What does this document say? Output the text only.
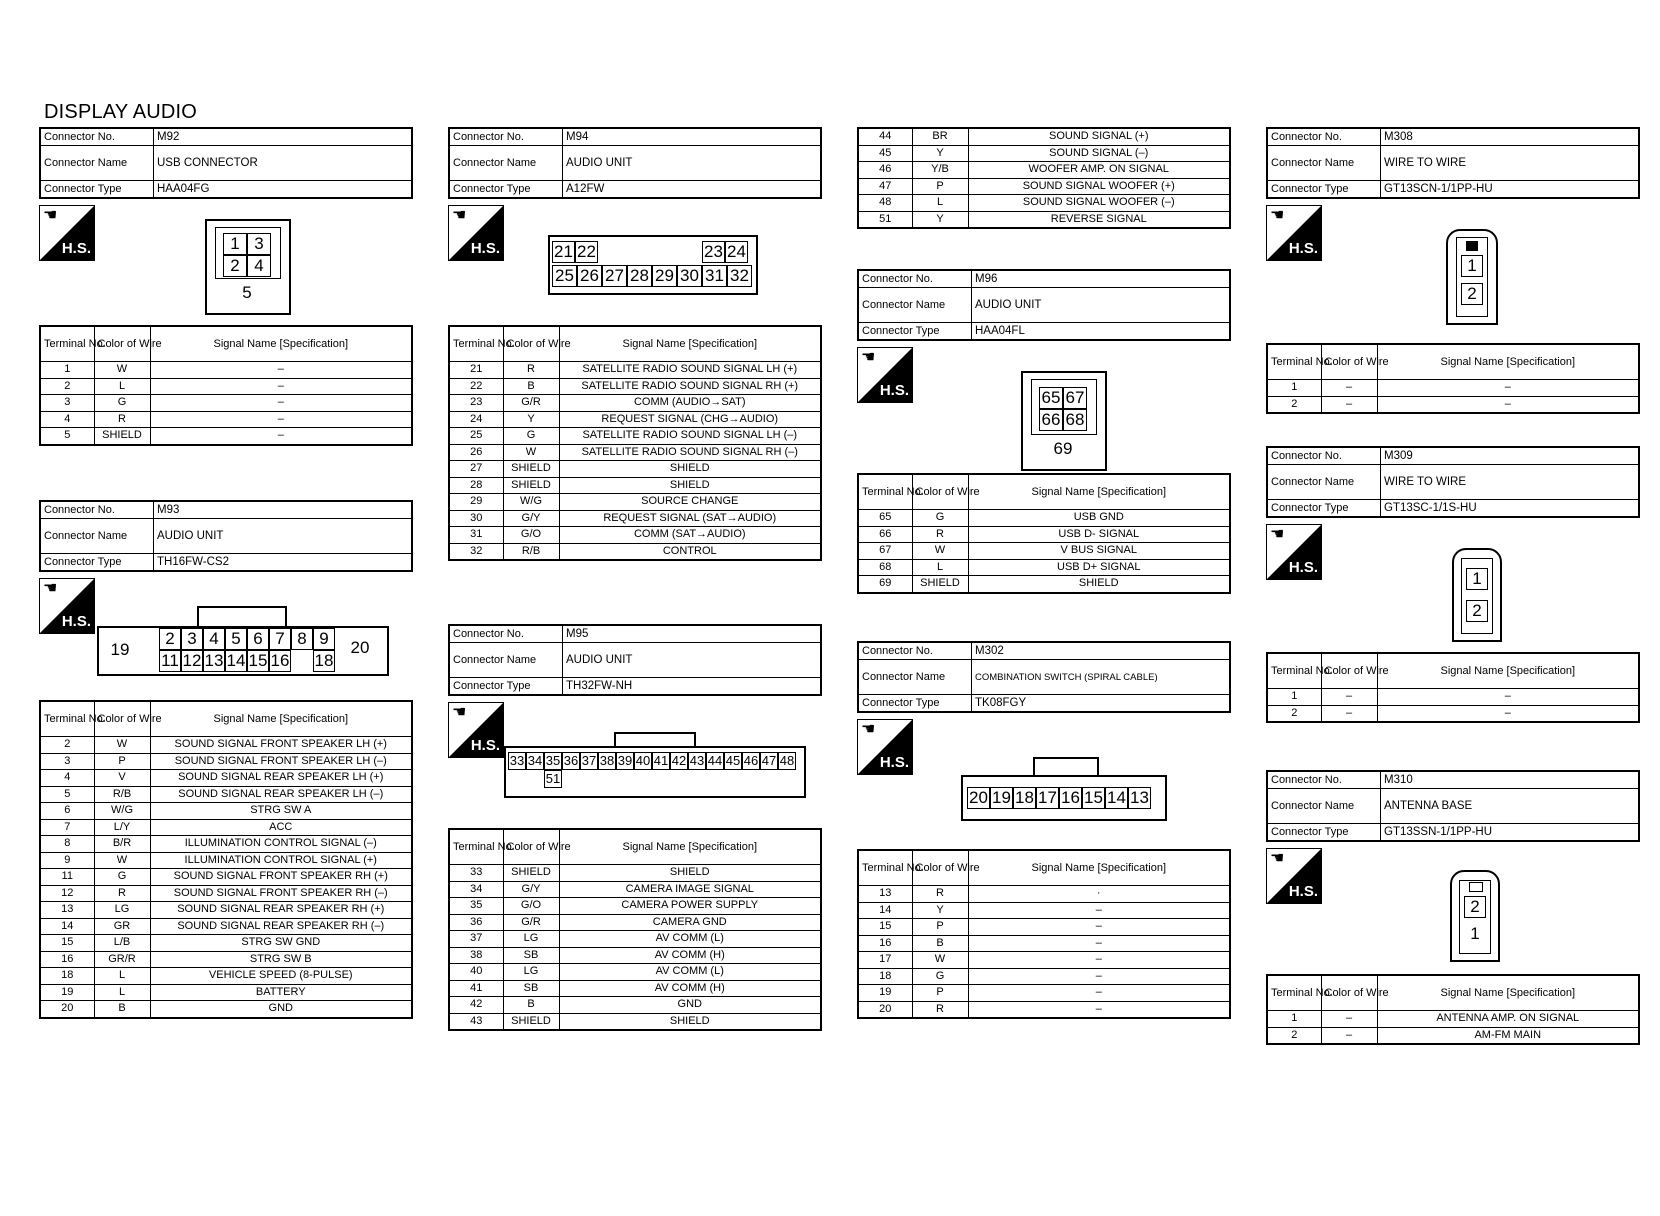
DISPLAY AUDIO
Connector No.	M92
Connector Name	USB CONNECTOR
Connector Type	HAA04FG
☚
H.S.	1 3
2 4
5
Terminal No.	Color of Wire	Signal Name [Specification]
1	W	–
2	L	–
3	G	–
4	R	–
5	SHIELD	–
Connector No.	M93
Connector Name	AUDIO UNIT
Connector Type	TH16FW-CS2
☚
H.S.
19	20
2 3 4 5 6 7 8 9
11 12 13 14 15 16 18
Terminal No.	Color of Wire	Signal Name [Specification]
2	W	SOUND SIGNAL FRONT SPEAKER LH (+)
3	P	SOUND SIGNAL FRONT SPEAKER LH (–)
4	V	SOUND SIGNAL REAR SPEAKER LH (+)
5	R/B	SOUND SIGNAL REAR SPEAKER LH (–)
6	W/G	STRG SW A
7	L/Y	ACC
8	B/R	ILLUMINATION CONTROL SIGNAL (–)
9	W	ILLUMINATION CONTROL SIGNAL (+)
11	G	SOUND SIGNAL FRONT SPEAKER RH (+)
12	R	SOUND SIGNAL FRONT SPEAKER RH (–)
13	LG	SOUND SIGNAL REAR SPEAKER RH (+)
14	GR	SOUND SIGNAL REAR SPEAKER RH (–)
15	L/B	STRG SW GND
16	GR/R	STRG SW B
18	L	VEHICLE SPEED (8-PULSE)
19	L	BATTERY
20	B	GND
Connector No.	M94
Connector Name	AUDIO UNIT
Connector Type	A12FW
☚
H.S.	21 22	23 24
25 26 27 28 29 30 31 32
Terminal No.	Color of Wire	Signal Name [Specification]
21	R	SATELLITE RADIO SOUND SIGNAL LH (+)
22	B	SATELLITE RADIO SOUND SIGNAL RH (+)
23	G/R	COMM (AUDIO→SAT)
24	Y	REQUEST SIGNAL (CHG→AUDIO)
25	G	SATELLITE RADIO SOUND SIGNAL LH (–)
26	W	SATELLITE RADIO SOUND SIGNAL RH (–)
27	SHIELD	SHIELD
28	SHIELD	SHIELD
29	W/G	SOURCE CHANGE
30	G/Y	REQUEST SIGNAL (SAT→AUDIO)
31	G/O	COMM (SAT→AUDIO)
32	R/B	CONTROL
Connector No.	M95
Connector Name	AUDIO UNIT
Connector Type	TH32FW-NH
☚
H.S.
33 34 35 36 37 38 39 40 41 42 43 44 45 46 47 48
51
Terminal No.	Color of Wire	Signal Name [Specification]
33	SHIELD	SHIELD
34	G/Y	CAMERA IMAGE SIGNAL
35	G/O	CAMERA POWER SUPPLY
36	G/R	CAMERA GND
37	LG	AV COMM (L)
38	SB	AV COMM (H)
40	LG	AV COMM (L)
41	SB	AV COMM (H)
42	B	GND
43	SHIELD	SHIELD
44	BR	SOUND SIGNAL (+)
45	Y	SOUND SIGNAL (–)
46	Y/B	WOOFER AMP. ON SIGNAL
47	P	SOUND SIGNAL WOOFER (+)
48	L	SOUND SIGNAL WOOFER (–)
51	Y	REVERSE SIGNAL
Connector No.	M96
Connector Name	AUDIO UNIT
Connector Type	HAA04FL
☚
H.S.	65 67
66 68
69
Terminal No.	Color of Wire	Signal Name [Specification]
65	G	USB GND
66	R	USB D- SIGNAL
67	W	V BUS SIGNAL
68	L	USB D+ SIGNAL
69	SHIELD	SHIELD
Connector No.	M302
Connector Name	COMBINATION SWITCH (SPIRAL CABLE)
Connector Type	TK08FGY
☚
H.S.
20 19 18 17 16 15 14 13
Terminal No.	Color of Wire	Signal Name [Specification]
13	R	·
14	Y	–
15	P	–
16	B	–
17	W	–
18	G	–
19	P	–
20	R	–
Connector No.	M308
Connector Name	WIRE TO WIRE
Connector Type	GT13SCN-1/1PP-HU
☚
H.S.
1
2
Terminal No.	Color of Wire	Signal Name [Specification]
1	–	–
2	–	–
Connector No.	M309
Connector Name	WIRE TO WIRE
Connector Type	GT13SC-1/1S-HU
☚
H.S.
1
2
Terminal No.	Color of Wire	Signal Name [Specification]
1	–	–
2	–	–
Connector No.	M310
Connector Name	ANTENNA BASE
Connector Type	GT13SSN-1/1PP-HU
☚
H.S.
2
1
Terminal No.	Color of Wire	Signal Name [Specification]
1	–	ANTENNA AMP. ON SIGNAL
2	–	AM-FM MAIN
